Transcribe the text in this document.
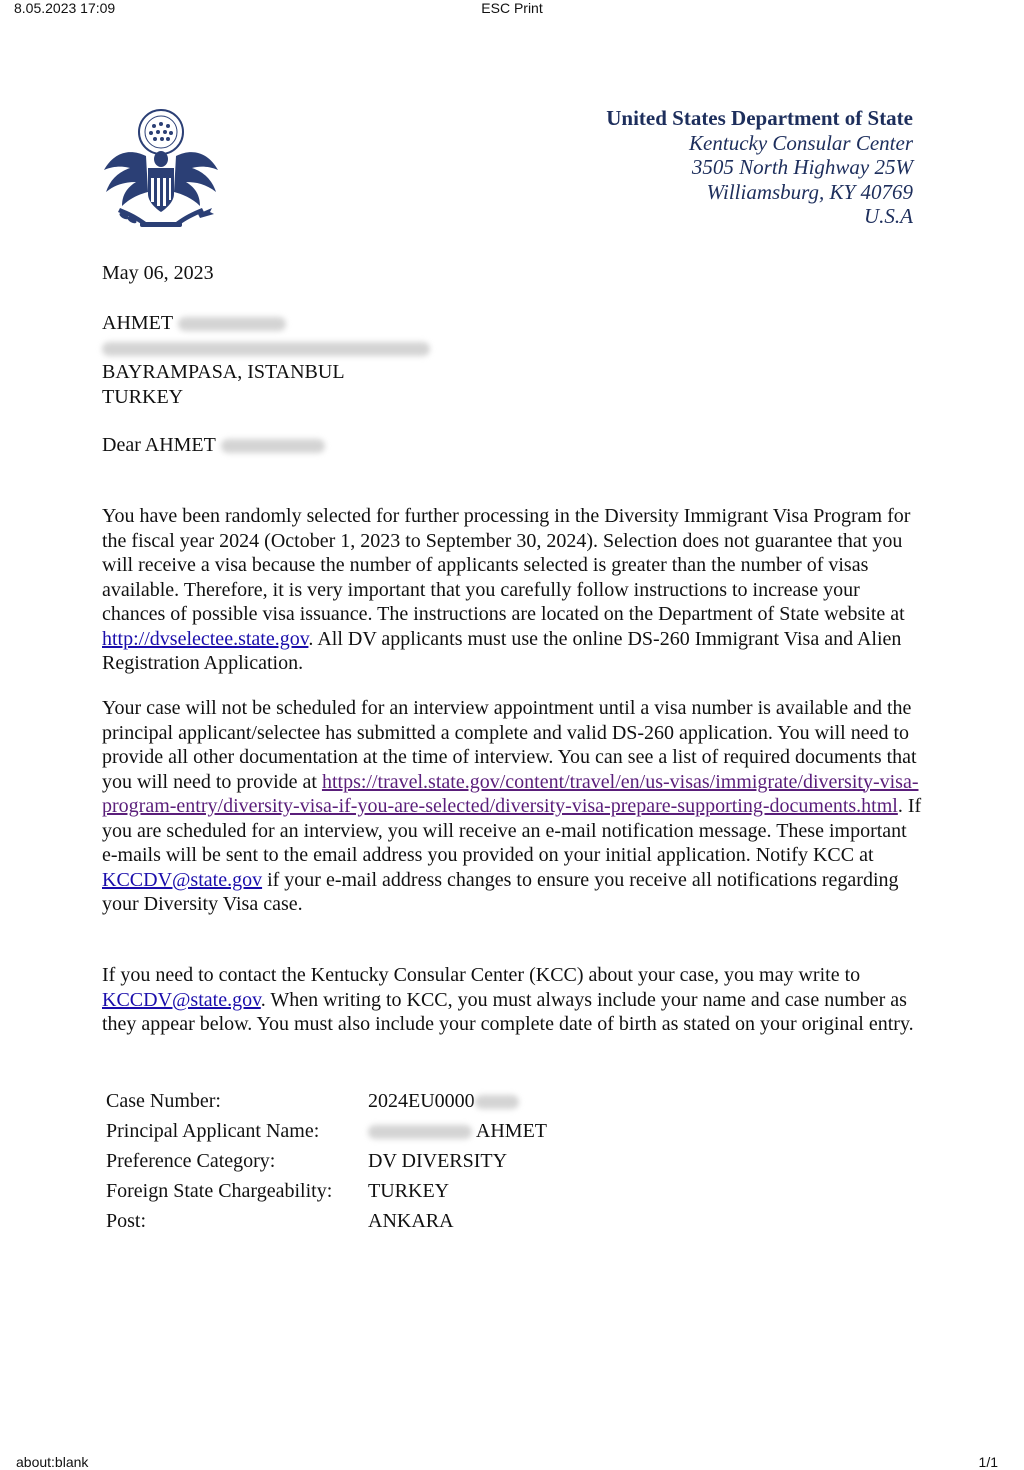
8.05.2023 17:09	ESC Print
United States Department of State
Kentucky Consular Center
3505 North Highway 25W
Williamsburg, KY 40769
U.S.A
May 06, 2023
AHMET
BAYRAMPASA, ISTANBUL
TURKEY
Dear AHMET
You have been randomly selected for further processing in the Diversity Immigrant Visa Program for the fiscal year 2024 (October 1, 2023 to September 30, 2024). Selection does not guarantee that you will receive a visa because the number of applicants selected is greater than the number of visas available. Therefore, it is very important that you carefully follow instructions to increase your chances of possible visa issuance. The instructions are located on the Department of State website at http://dvselectee.state.gov. All DV applicants must use the online DS-260 Immigrant Visa and Alien Registration Application.
Your case will not be scheduled for an interview appointment until a visa number is available and the principal applicant/selectee has submitted a complete and valid DS-260 application. You will need to provide all other documentation at the time of interview. You can see a list of required documents that you will need to provide at https://travel.state.gov/content/travel/en/us-visas/immigrate/diversity-visa-program-entry/diversity-visa-if-you-are-selected/diversity-visa-prepare-supporting-documents.html. If you are scheduled for an interview, you will receive an e-mail notification message. These important e-mails will be sent to the email address you provided on your initial application. Notify KCC at KCCDV@state.gov if your e-mail address changes to ensure you receive all notifications regarding your Diversity Visa case.
If you need to contact the Kentucky Consular Center (KCC) about your case, you may write to KCCDV@state.gov. When writing to KCC, you must always include your name and case number as they appear below. You must also include your complete date of birth as stated on your original entry.
Case Number:	2024EU0000
Principal Applicant Name:	AHMET
Preference Category:	DV DIVERSITY
Foreign State Chargeability:	TURKEY
Post:	ANKARA
about:blank	1/1
